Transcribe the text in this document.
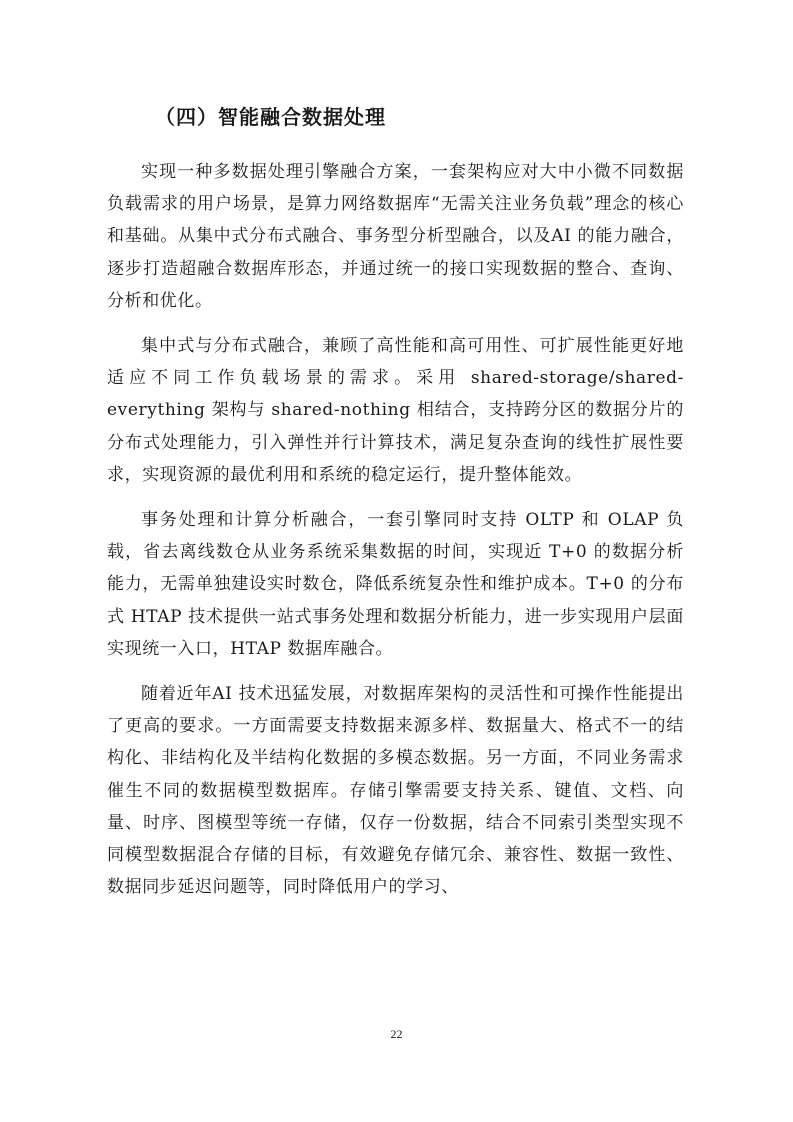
（四）智能融合数据处理

实现一种多数据处理引擎融合方案，一套架构应对大中小微不同数据负载需求的用户场景，是算力网络数据库“无需关注业务负载”理念的核心和基础。从集中式分布式融合、事务型分析型融合，以及AI 的能力融合，逐步打造超融合数据库形态，并通过统一的接口实现数据的整合、查询、分析和优化。

集中式与分布式融合，兼顾了高性能和高可用性、可扩展性能更好地适应不同工作负载场景的需求。采用 shared-storage/shared-everything 架构与 shared-nothing 相结合，支持跨分区的数据分片的分布式处理能力，引入弹性并行计算技术，满足复杂查询的线性扩展性要求，实现资源的最优利用和系统的稳定运行，提升整体能效。

事务处理和计算分析融合，一套引擎同时支持 OLTP 和 OLAP 负载，省去离线数仓从业务系统采集数据的时间，实现近 T+0 的数据分析能力，无需单独建设实时数仓，降低系统复杂性和维护成本。T+0 的分布式 HTAP 技术提供一站式事务处理和数据分析能力，进一步实现用户层面实现统一入口，HTAP 数据库融合。

随着近年AI 技术迅猛发展，对数据库架构的灵活性和可操作性能提出了更高的要求。一方面需要支持数据来源多样、数据量大、格式不一的结构化、非结构化及半结构化数据的多模态数据。另一方面，不同业务需求催生不同的数据模型数据库。存储引擎需要支持关系、键值、文档、向量、时序、图模型等统一存储，仅存一份数据，结合不同索引类型实现不同模型数据混合存储的目标，有效避免存储冗余、兼容性、数据一致性、数据同步延迟问题等，同时降低用户的学习、

22
